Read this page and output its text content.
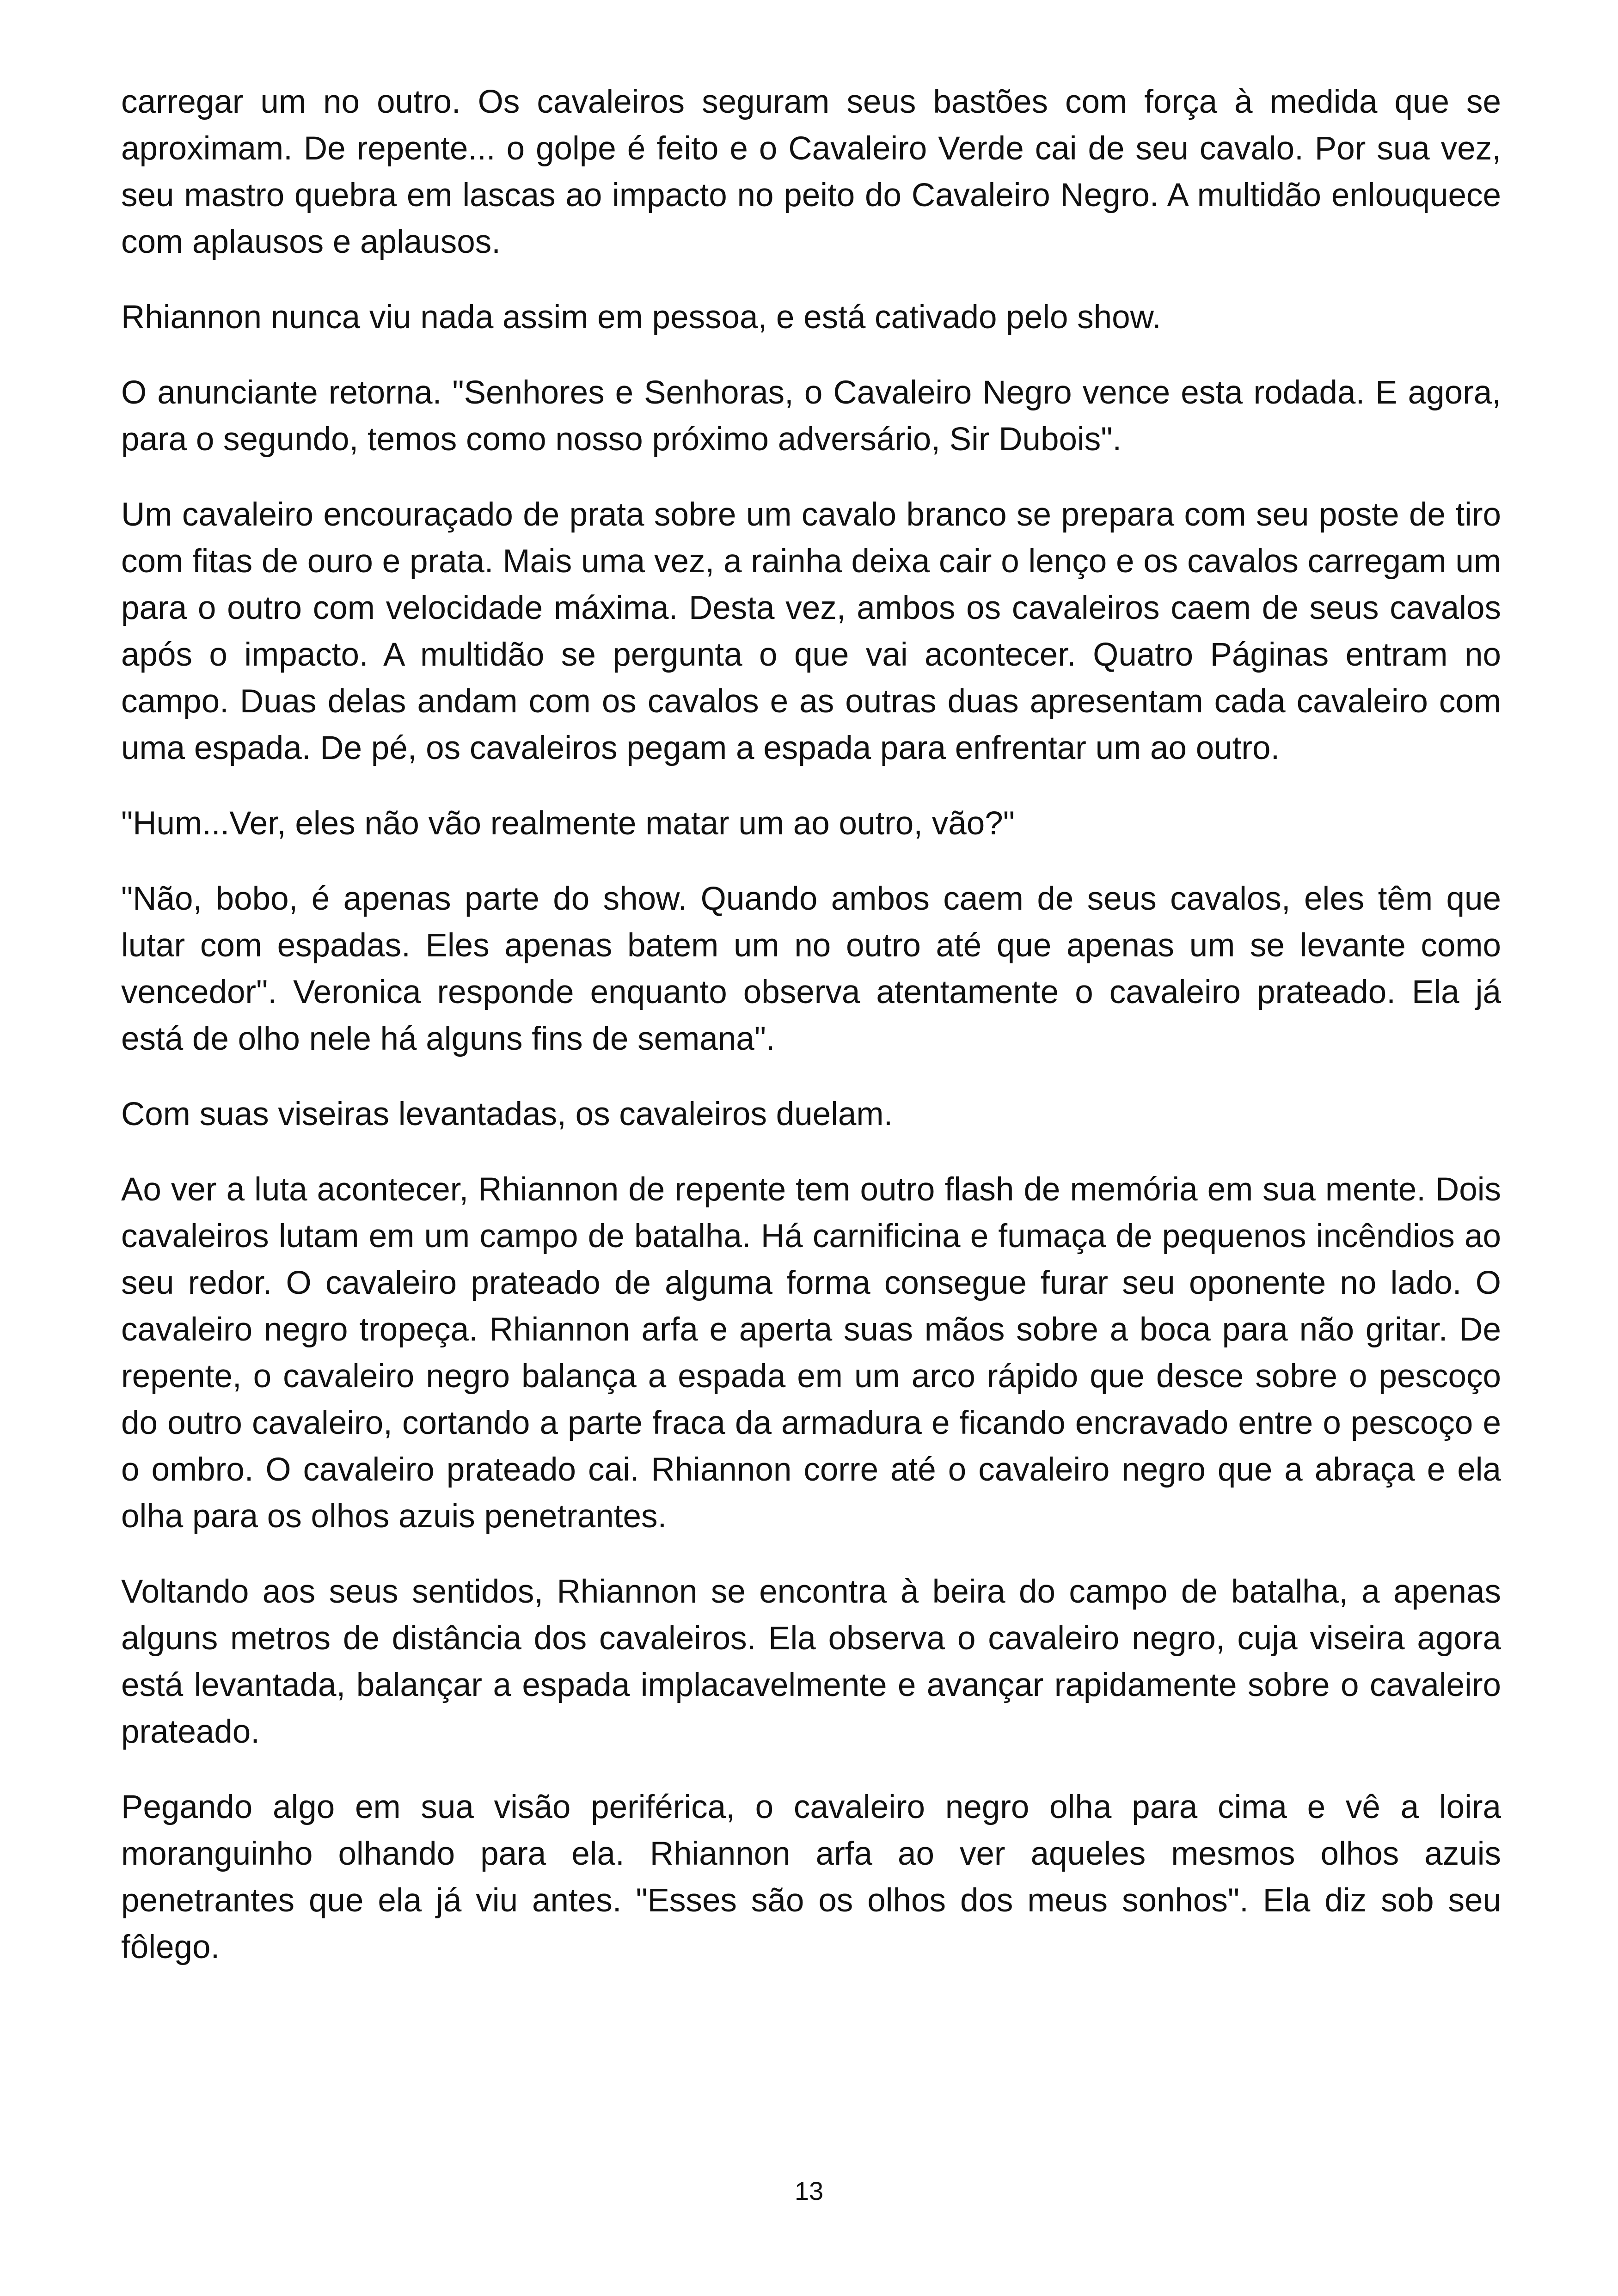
carregar um no outro. Os cavaleiros seguram seus bastões com força à medida que se aproximam. De repente... o golpe é feito e o Cavaleiro Verde cai de seu cavalo. Por sua vez, seu mastro quebra em lascas ao impacto no peito do Cavaleiro Negro. A multidão enlouquece com aplausos e aplausos.

Rhiannon nunca viu nada assim em pessoa, e está cativado pelo show.

O anunciante retorna. "Senhores e Senhoras, o Cavaleiro Negro vence esta rodada. E agora, para o segundo, temos como nosso próximo adversário, Sir Dubois".

Um cavaleiro encouraçado de prata sobre um cavalo branco se prepara com seu poste de tiro com fitas de ouro e prata. Mais uma vez, a rainha deixa cair o lenço e os cavalos carregam um para o outro com velocidade máxima. Desta vez, ambos os cavaleiros caem de seus cavalos após o impacto. A multidão se pergunta o que vai acontecer. Quatro Páginas entram no campo. Duas delas andam com os cavalos e as outras duas apresentam cada cavaleiro com uma espada. De pé, os cavaleiros pegam a espada para enfrentar um ao outro.

"Hum...Ver, eles não vão realmente matar um ao outro, vão?"

"Não, bobo, é apenas parte do show. Quando ambos caem de seus cavalos, eles têm que lutar com espadas. Eles apenas batem um no outro até que apenas um se levante como vencedor". Veronica responde enquanto observa atentamente o cavaleiro prateado. Ela já está de olho nele há alguns fins de semana".

Com suas viseiras levantadas, os cavaleiros duelam.

Ao ver a luta acontecer, Rhiannon de repente tem outro flash de memória em sua mente. Dois cavaleiros lutam em um campo de batalha. Há carnificina e fumaça de pequenos incêndios ao seu redor. O cavaleiro prateado de alguma forma consegue furar seu oponente no lado. O cavaleiro negro tropeça. Rhiannon arfa e aperta suas mãos sobre a boca para não gritar. De repente, o cavaleiro negro balança a espada em um arco rápido que desce sobre o pescoço do outro cavaleiro, cortando a parte fraca da armadura e ficando encravado entre o pescoço e o ombro. O cavaleiro prateado cai. Rhiannon corre até o cavaleiro negro que a abraça e ela olha para os olhos azuis penetrantes.

Voltando aos seus sentidos, Rhiannon se encontra à beira do campo de batalha, a apenas alguns metros de distância dos cavaleiros. Ela observa o cavaleiro negro, cuja viseira agora está levantada, balançar a espada implacavelmente e avançar rapidamente sobre o cavaleiro prateado.

Pegando algo em sua visão periférica, o cavaleiro negro olha para cima e vê a loira moranguinho olhando para ela. Rhiannon arfa ao ver aqueles mesmos olhos azuis penetrantes que ela já viu antes. "Esses são os olhos dos meus sonhos". Ela diz sob seu fôlego.

13
